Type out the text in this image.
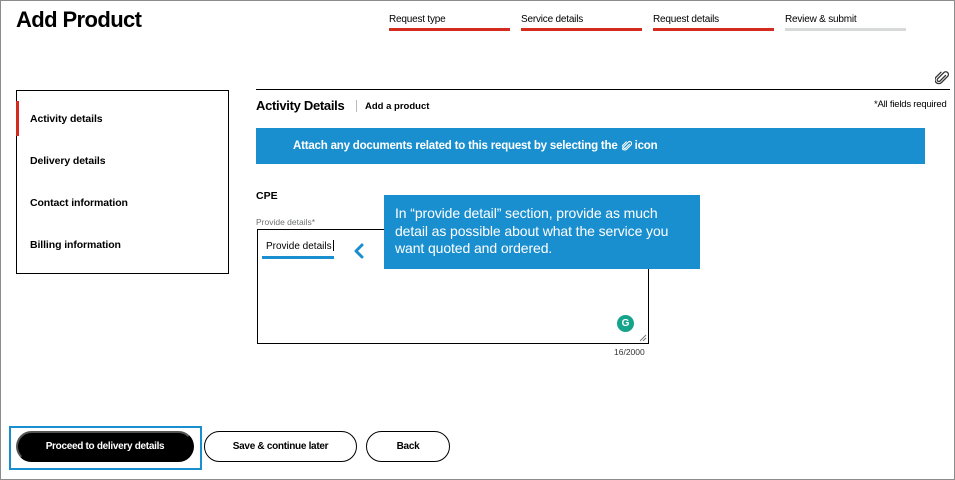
Add Product	Request type	Service details	Request details	Review & submit
Activity details
Delivery details
Contact information
Billing information
Activity Details Add a product	*All fields required
Attach any documents related to this request by selecting the icon
CPE
Provide details*
Provide details
G
16/2000
In “provide detail” section, provide as much detail as possible about what the service you want quoted and ordered.
Proceed to delivery details	Save & continue later	Back
